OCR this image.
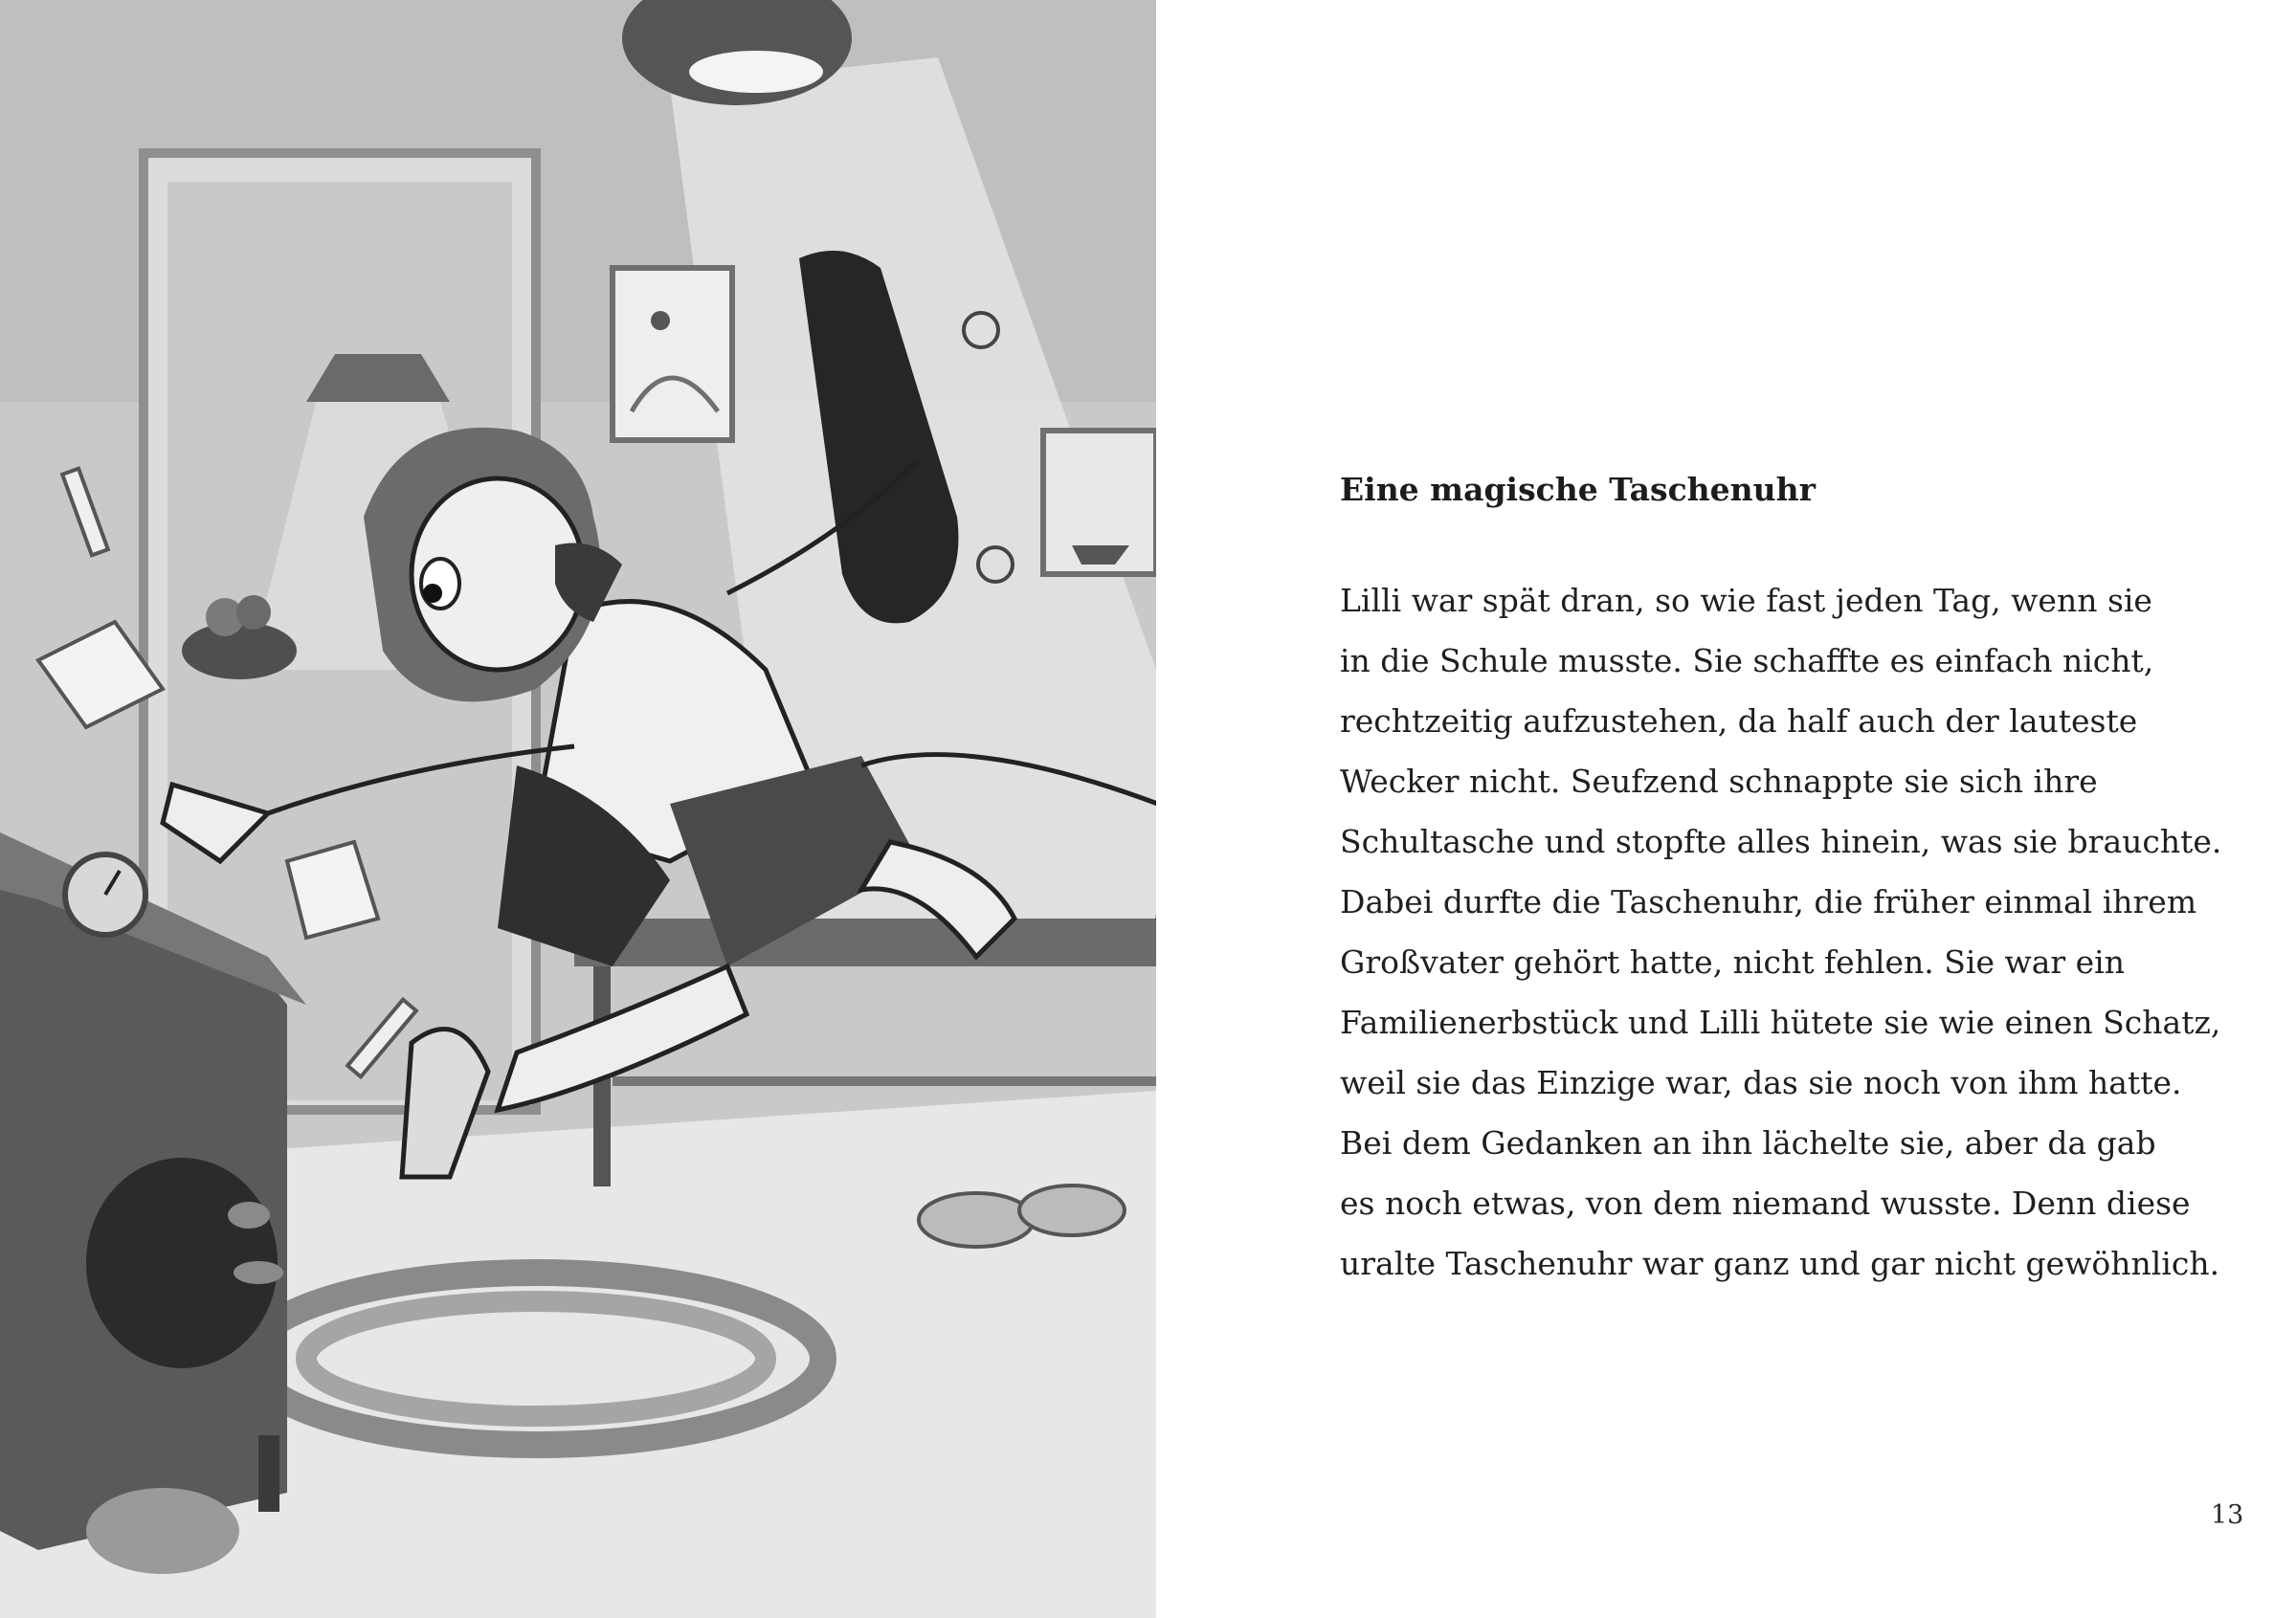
Eine magische Taschenuhr

Lilli war spät dran, so wie fast jeden Tag, wenn sie

in die Schule musste. Sie schaffte es einfach nicht,

rechtzeitig aufzustehen, da half auch der lauteste

Wecker nicht. Seufzend schnappte sie sich ihre

Schultasche und stopfte alles hinein, was sie brauchte.

Dabei durfte die Taschenuhr, die früher einmal ihrem

Großvater gehört hatte, nicht fehlen. Sie war ein

Familienerbstück und Lilli hütete sie wie einen Schatz,

weil sie das Einzige war, das sie noch von ihm hatte.

Bei dem Gedanken an ihn lächelte sie, aber da gab

es noch etwas, von dem niemand wusste. Denn diese

uralte Taschenuhr war ganz und gar nicht gewöhnlich.

13
